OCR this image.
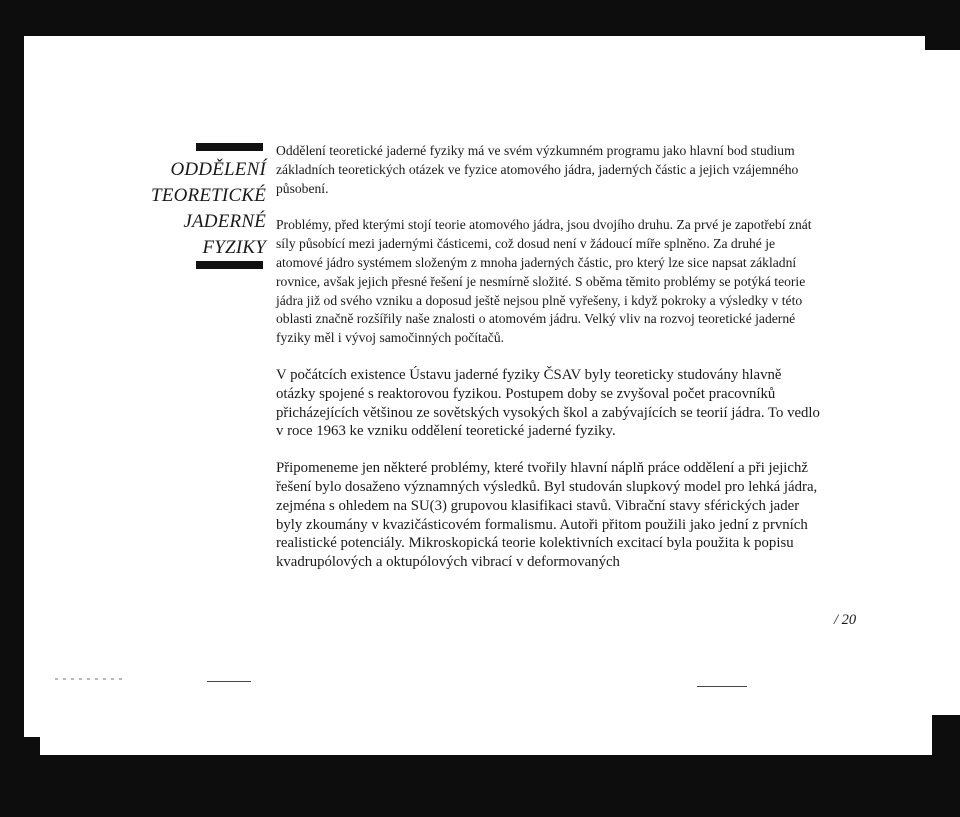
ODDĚLENÍ
TEORETICKÉ
JADERNÉ
FYZIKY

Oddělení teoretické jaderné fyziky má ve svém výzkumném programu jako hlavní bod studium základních teoretických otázek ve fyzice atomového jádra, jaderných částic a jejich vzájemného působení.

Problémy, před kterými stojí teorie atomového jádra, jsou dvojího druhu. Za prvé je zapotřebí znát síly působící mezi jadernými částicemi, což dosud není v žádoucí míře splněno. Za druhé je atomové jádro systémem složeným z mnoha jaderných částic, pro který lze sice napsat základní rovnice, avšak jejich přesné řešení je nesmírně složité. S oběma těmito problémy se potýká teorie jádra již od svého vzniku a doposud ještě nejsou plně vyřešeny, i když pokroky a výsledky v této oblasti značně rozšířily naše znalosti o atomovém jádru. Velký vliv na rozvoj teoretické jaderné fyziky měl i vývoj samočinných počítačů.

V počátcích existence Ústavu jaderné fyziky ČSAV byly teoreticky studovány hlavně otázky spojené s reaktorovou fyzikou. Postupem doby se zvyšoval počet pracovníků přicházejících většinou ze sovětských vysokých škol a zabývajících se teorií jádra. To vedlo v roce 1963 ke vzniku oddělení teoretické jaderné fyziky.

Připomeneme jen některé problémy, které tvořily hlavní náplň práce oddělení a při jejichž řešení bylo dosaženo významných výsledků. Byl studován slupkový model pro lehká jádra, zejména s ohledem na SU(3) grupovou klasifikaci stavů. Vibrační stavy sférických jader byly zkoumány v kvazičásticovém formalismu. Autoři přitom použili jako jední z prvních realistické potenciály. Mikroskopická teorie kolektivních excitací byla použita k popisu kvadrupólových a oktupólových vibrací v deformovaných

/ 20
